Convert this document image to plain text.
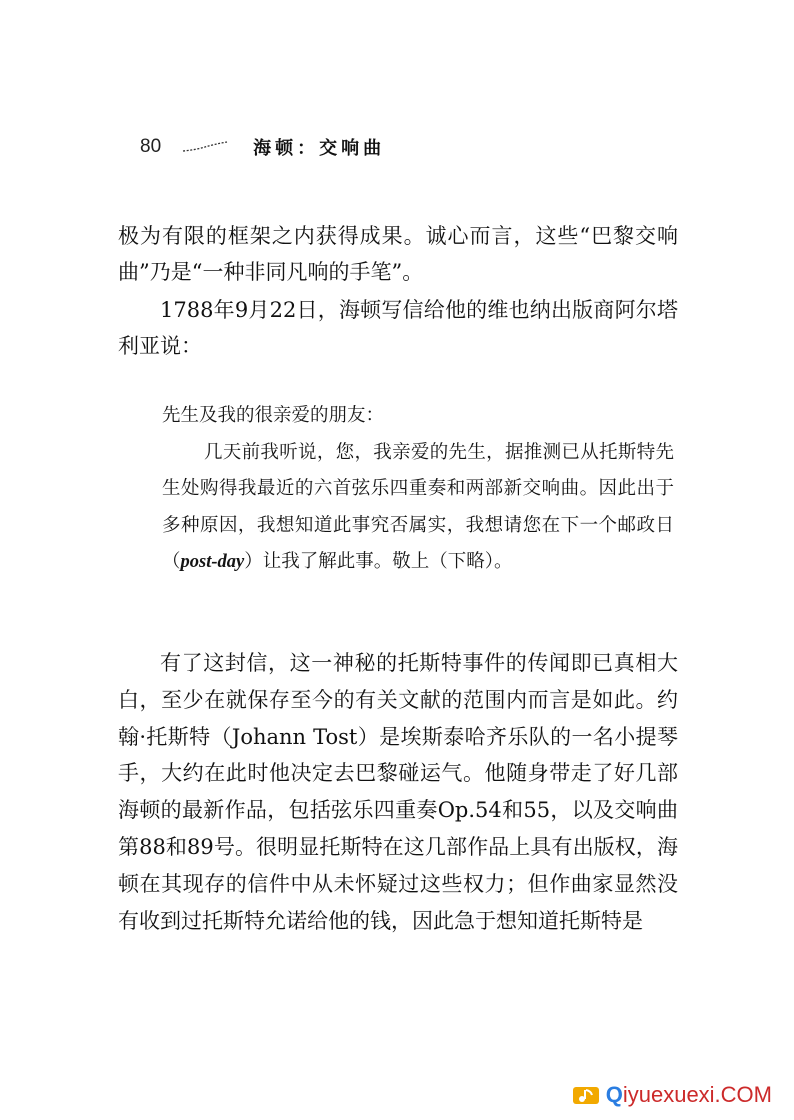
80	海顿：交响曲

极为有限的框架之内获得成果。诚心而言，这些“巴黎交响曲”乃是“一种非同凡响的手笔”。

1788年9月22日，海顿写信给他的维也纳出版商阿尔塔利亚说：

先生及我的很亲爱的朋友：

几天前我听说，您，我亲爱的先生，据推测已从托斯特先生处购得我最近的六首弦乐四重奏和两部新交响曲。因此出于多种原因，我想知道此事究否属实，我想请您在下一个邮政日（post-day）让我了解此事。敬上（下略）。

有了这封信，这一神秘的托斯特事件的传闻即已真相大白，至少在就保存至今的有关文献的范围内而言是如此。约翰·托斯特（Johann Tost）是埃斯泰哈齐乐队的一名小提琴手，大约在此时他决定去巴黎碰运气。他随身带走了好几部海顿的最新作品，包括弦乐四重奏Op.54和55，以及交响曲第88和89号。很明显托斯特在这几部作品上具有出版权，海顿在其现存的信件中从未怀疑过这些权力；但作曲家显然没有收到过托斯特允诺给他的钱，因此急于想知道托斯特是

Qiyuexuexi.COM
